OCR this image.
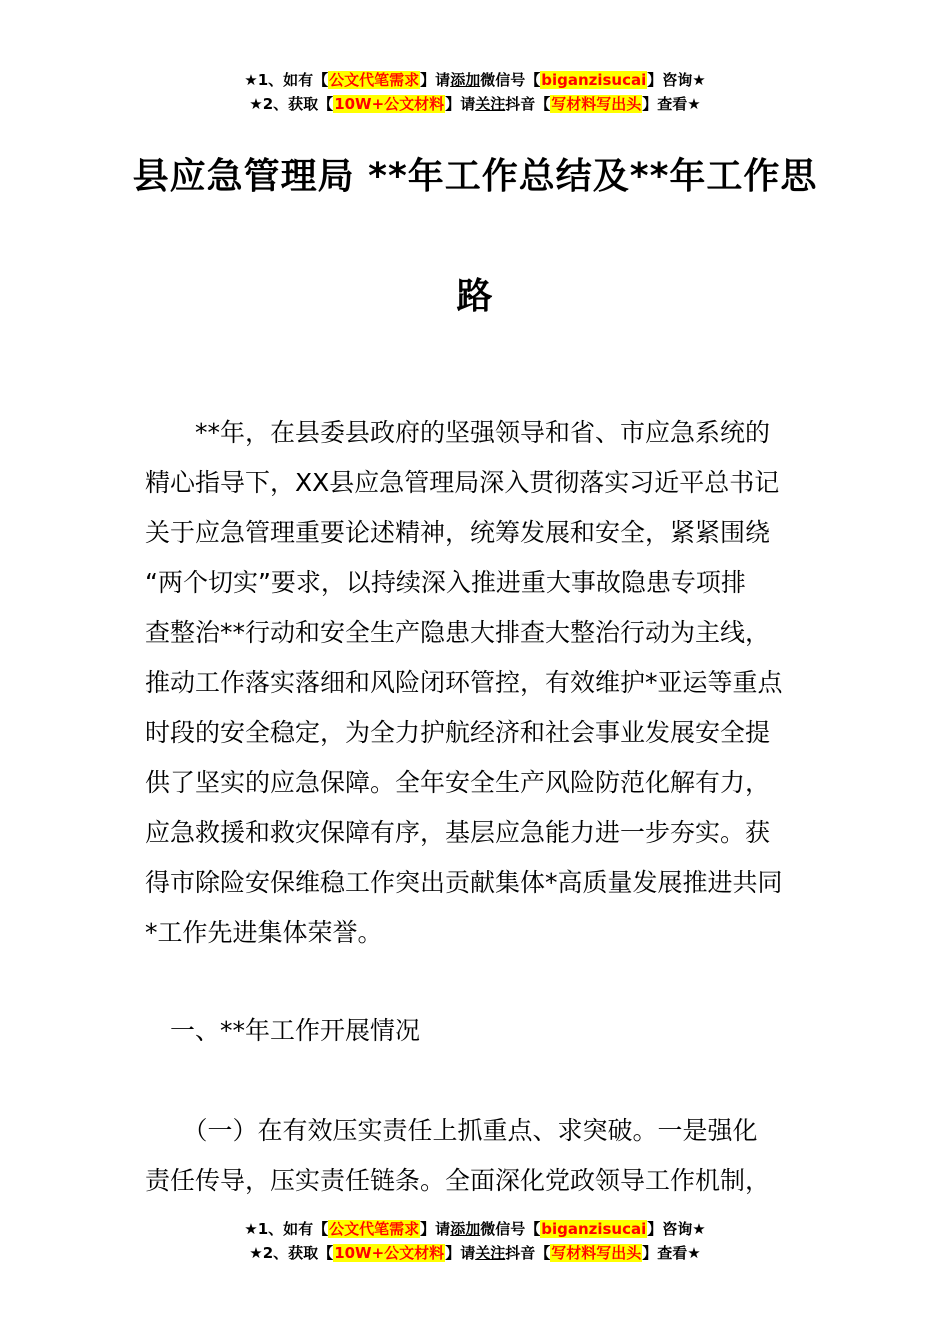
★1、如有【公文代笔需求】请添加微信号【biganzisucai】咨询★
★2、获取【10W+公文材料】请关注抖音【写材料写出头】查看★
县应急管理局 **年工作总结及**年工作思
路
　　**年，在县委县政府的坚强领导和省、市应急系统的
精心指导下，XX县应急管理局深入贯彻落实习近平总书记
关于应急管理重要论述精神，统筹发展和安全，紧紧围绕
“两个切实”要求，以持续深入推进重大事故隐患专项排
查整治**行动和安全生产隐患大排查大整治行动为主线，
推动工作落实落细和风险闭环管控，有效维护*亚运等重点
时段的安全稳定，为全力护航经济和社会事业发展安全提
供了坚实的应急保障。全年安全生产风险防范化解有力，
应急救援和救灾保障有序，基层应急能力进一步夯实。获
得市除险安保维稳工作突出贡献集体*高质量发展推进共同
*工作先进集体荣誉。
　一、**年工作开展情况
　　（一）在有效压实责任上抓重点、求突破。一是强化
责任传导，压实责任链条。全面深化党政领导工作机制，
★1、如有【公文代笔需求】请添加微信号【biganzisucai】咨询★
★2、获取【10W+公文材料】请关注抖音【写材料写出头】查看★
